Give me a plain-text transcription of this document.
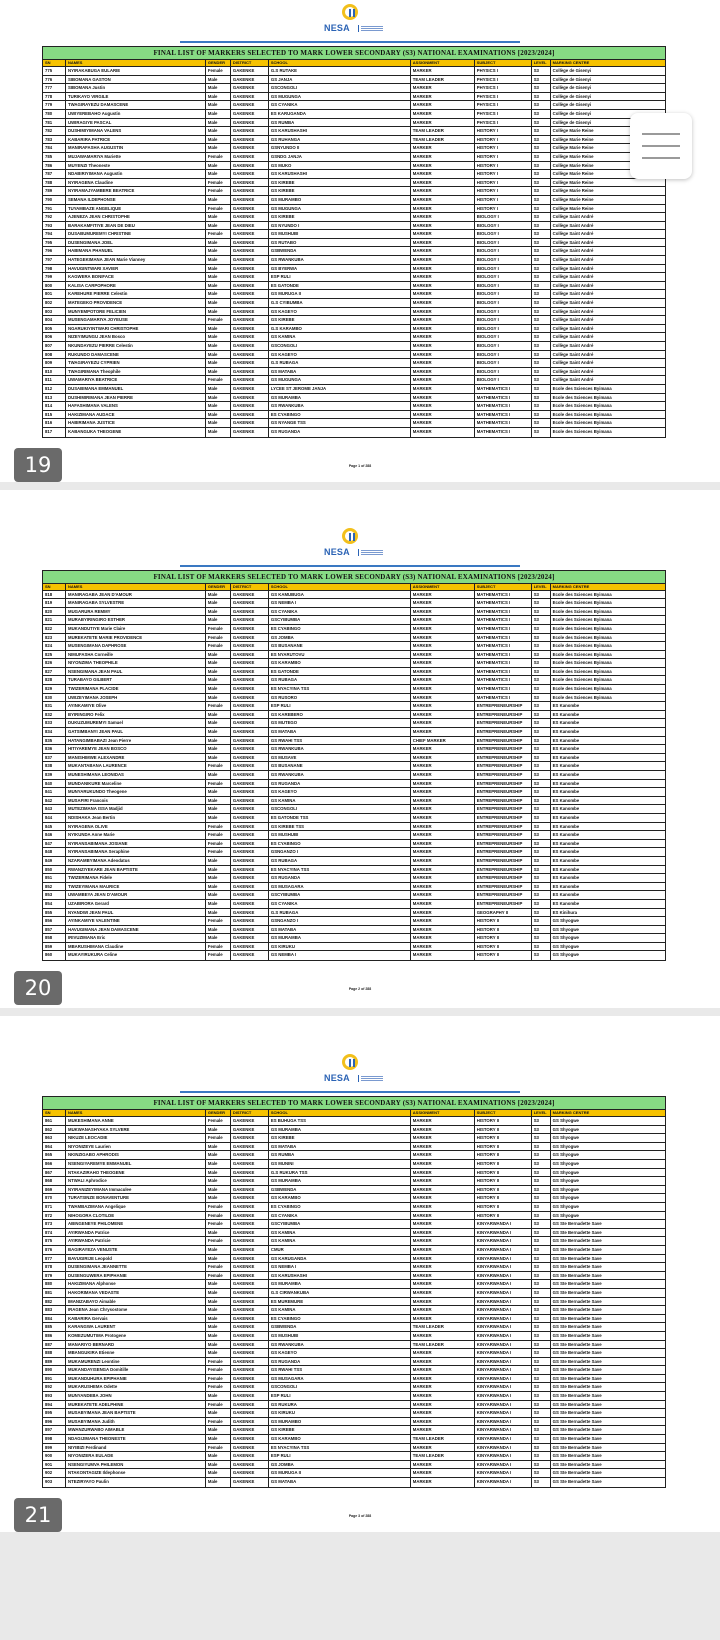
NESA
FINAL LIST OF MARKERS SELECTED TO MARK LOWER SECONDARY (S3) NATIONAL EXAMINATIONS [2023/2024]
SN	NAMES	GENDER	DISTRICT	SCHOOL	ASSIGNMENT	SUBJECT	LEVEL	MARKING CENTRE
775	NYIRAKABUGA EULARIE	Female	GAKENKE	G.S RUTAKE	MARKER	PHYSICS I	S3	Collège de Gisenyi
776	SIBOMANA GASTON	Male	GAKENKE	GS JANJA	TEAM LEADER	PHYSICS I	S3	Collège de Gisenyi
777	SIBOMANA Justin	Male	GAKENKE	GSCONGOLI	MARKER	PHYSICS I	S3	Collège de Gisenyi
778	TURIKAYO VIRGILE	Male	GAKENKE	GS MUGUNGA	MARKER	PHYSICS I	S3	Collège de Gisenyi
779	TWAGIRAYEZU DAMASCENE	Male	GAKENKE	GS CYANIKA	MARKER	PHYSICS I	S3	Collège de Gisenyi
780	UWIYEREBAHO Augustin	Male	GAKENKE	ES KARUGANDA	MARKER	PHYSICS I	S3	Collège de Gisenyi
781	UWIRAGIYE PASCAL	Male	GAKENKE	GS RUMBA	MARKER	PHYSICS I	S3	Collège de Gisenyi
782	DUSHIMIYIMANA VALENS	Male	GAKENKE	GS KARUSHASHI	TEAM LEADER	HISTORY I	S3	Collège Marie Reine
783	KABARIRA PATRICE	Male	GAKENKE	GS RUHANGA	TEAM LEADER	HISTORY I	S3	Collège Marie Reine
784	MANIRAFASHA AUGUSTIN	Male	GAKENKE	GSNYUNDO II	MARKER	HISTORY I	S3	Collège Marie Reine
785	MUJAWAMARIYA Mariette	Female	GAKENKE	GSNDG JANJA	MARKER	HISTORY I	S3	Collège Marie Reine
786	MUYENZI Theoneste	Male	GAKENKE	GS MUKO	MARKER	HISTORY I	S3	Collège Marie Reine
787	NDABIRIYIMANA Augustin	Male	GAKENKE	GS KARUSHASHI	MARKER	HISTORY I	S3	Collège Marie Reine
788	NYIRAGENA Claudine	Female	GAKENKE	GS KIREBE	MARKER	HISTORY I	S3	Collège Marie Reine
789	NYIRAMAJYAMBERE BEATRICE	Female	GAKENKE	GS KIREBE	MARKER	HISTORY I	S3	Collège Marie Reine
790	SEMANA ILDEPHONSE	Male	GAKENKE	GS MURAMBO	MARKER	HISTORY I	S3	Collège Marie Reine
791	TUYAMBAZE ANGELIQUE	Female	GAKENKE	GS MUGUNGA	MARKER	HISTORY I	S3	Collège Marie Reine
792	AJENEZA JEAN CHRISTOPHE	Male	GAKENKE	GS KIREBE	MARKER	BIOLOGY I	S3	Collège Saint André
793	BARAKAMFITIYE JEAN DE DIEU	Male	GAKENKE	GS NYUNDO I	MARKER	BIOLOGY I	S3	Collège Saint André
794	DUSABUMUREMYI CHRISTINE	Female	GAKENKE	GS MUSHUBI	MARKER	BIOLOGY I	S3	Collège Saint André
795	DUSENGIMANA JOEL	Male	GAKENKE	GS RUTABO	MARKER	BIOLOGY I	S3	Collège Saint André
796	HABIMANA PHANUEL	Male	GAKENKE	GSBWENDA	MARKER	BIOLOGY I	S3	Collège Saint André
797	HATEGEKIMANA JEAN Marie Vianney	Male	GAKENKE	GS RWANKUBA	MARKER	BIOLOGY I	S3	Collège Saint André
798	HAVUGINTWARI XAVIER	Male	GAKENKE	GS BYERWA	MARKER	BIOLOGY I	S3	Collège Saint André
799	KAGWERA BONIFACE	Male	GAKENKE	ESP RULI	MARKER	BIOLOGY I	S3	Collège Saint André
800	KALISA CARPOPHORE	Male	GAKENKE	ES GATONDE	MARKER	BIOLOGY I	S3	Collège Saint André
801	KAREHURE PIERRE Celestin	Male	GAKENKE	GS MURUGA II	MARKER	BIOLOGY I	S3	Collège Saint André
802	MATEGEKO PROVIDENCE	Male	GAKENKE	G.S CYIBUMBA	MARKER	BIOLOGY I	S3	Collège Saint André
803	MUNYEMPOTORE FELICIEN	Male	GAKENKE	GS KAGEYO	MARKER	BIOLOGY I	S3	Collège Saint André
804	MUSENGAMARIYA JOYEUSE	Female	GAKENKE	GS KIREBE	MARKER	BIOLOGY I	S3	Collège Saint André
805	NGARUKIYINTWARI CHRISTOPHE	Male	GAKENKE	G.S KARAMBO	MARKER	BIOLOGY I	S3	Collège Saint André
806	NIZEYIMUNGU JEAN Bosco	Male	GAKENKE	GS KAMINA	MARKER	BIOLOGY I	S3	Collège Saint André
807	NKUNDAYEZU PIERRE Celestin	Male	GAKENKE	GSCONGOLI	MARKER	BIOLOGY I	S3	Collège Saint André
808	RUKUNDO DAMASCENE	Male	GAKENKE	GS KAGEYO	MARKER	BIOLOGY I	S3	Collège Saint André
809	TWAGIRAYEZU CYPRIEN	Male	GAKENKE	G.S RUBAGA	MARKER	BIOLOGY I	S3	Collège Saint André
810	TWAGIRIMANA Theophile	Male	GAKENKE	GS MATABA	MARKER	BIOLOGY I	S3	Collège Saint André
811	UWAMARIYA BEATRICE	Female	GAKENKE	GS MUGUNGA	MARKER	BIOLOGY I	S3	Collège Saint André
812	DUSABIMANA EMMANUEL	Male	GAKENKE	LYCEE ST JEROME JANJA	MARKER	MATHEMATICS I	S3	Ecole des Sciences Byimana
813	DUSHIMIRIMANA JEAN PIERRE	Male	GAKENKE	GS MURAMBA	MARKER	MATHEMATICS I	S3	Ecole des Sciences Byimana
814	HAFASHIMANA VALENS	Male	GAKENKE	GS RWANKUBA	MARKER	MATHEMATICS I	S3	Ecole des Sciences Byimana
815	HAKIZIMANA AUDACE	Male	GAKENKE	ES CYABINGO	MARKER	MATHEMATICS I	S3	Ecole des Sciences Byimana
816	HABIRIMANA JUSTICE	Male	GAKENKE	GS NYANGE TSS	MARKER	MATHEMATICS I	S3	Ecole des Sciences Byimana
817	KABANGUKA THEOGENE	Male	GAKENKE	GS RUGANDA	MARKER	MATHEMATICS I	S3	Ecole des Sciences Byimana
19	Page 1 of 288
NESA
FINAL LIST OF MARKERS SELECTED TO MARK LOWER SECONDARY (S3) NATIONAL EXAMINATIONS [2023/2024]
SN	NAMES	GENDER	DISTRICT	SCHOOL	ASSIGNMENT	SUBJECT	LEVEL	MARKING CENTRE
818	MANIRAGABA JEAN D'AMOUR	Male	GAKENKE	GS KAMUBUGA	MARKER	MATHEMATICS I	S3	Ecole des Sciences Byimana
819	MANIRAGABA SYLVESTRE	Male	GAKENKE	GS NEMBA I	MARKER	MATHEMATICS I	S3	Ecole des Sciences Byimana
820	MUGARURA REMMY	Male	GAKENKE	GS CYANIKA	MARKER	MATHEMATICS I	S3	Ecole des Sciences Byimana
821	MURABYIRINGIRO ESTHER	Male	GAKENKE	GSCYIBUMBA	MARKER	MATHEMATICS I	S3	Ecole des Sciences Byimana
822	MUKANDUTIYE Marie Claire	Female	GAKENKE	ES CYABINGO	MARKER	MATHEMATICS I	S3	Ecole des Sciences Byimana
823	MUREKATETE MARIE PROVIDENCE	Female	GAKENKE	GS JOMBA	MARKER	MATHEMATICS I	S3	Ecole des Sciences Byimana
824	MUSENGIMANA DAPHROSE	Female	GAKENKE	GS BUSANANE	MARKER	MATHEMATICS I	S3	Ecole des Sciences Byimana
825	NIMUFASHA Corneille	Male	GAKENKE	ES NYARUTOVU	MARKER	MATHEMATICS I	S3	Ecole des Sciences Byimana
826	NIYONZIMA THEOPHILE	Male	GAKENKE	GS KARAMBO	MARKER	MATHEMATICS I	S3	Ecole des Sciences Byimana
827	NSENGIMANA JEAN PAUL	Male	GAKENKE	ES GATONDE	MARKER	MATHEMATICS I	S3	Ecole des Sciences Byimana
828	TURABAYO GILBERT	Male	GAKENKE	GS RUBAGA	MARKER	MATHEMATICS I	S3	Ecole des Sciences Byimana
829	TWIZERIMANA PLACIDE	Male	GAKENKE	ES NYACYINA TSS	MARKER	MATHEMATICS I	S3	Ecole des Sciences Byimana
830	UWIZEYIMANA JOSEPH	Male	GAKENKE	GS RUSORO	MARKER	MATHEMATICS I	S3	Ecole des Sciences Byimana
831	AYINKAMIYE Olive	Female	GAKENKE	ESP RULI	MARKER	ENTREPRENEURSHIP	S3	ES Kanombe
832	BYIRINGIRO Felix	Male	GAKENKE	GS KAREBERO	MARKER	ENTREPRENEURSHIP	S3	ES Kanombe
833	DUKUZUMUREMYI Samuel	Male	GAKENKE	GS MUTEGO	MARKER	ENTREPRENEURSHIP	S3	ES Kanombe
834	GATSIMBANYI JEAN PAUL	Male	GAKENKE	GS MATABA	MARKER	ENTREPRENEURSHIP	S3	ES Kanombe
835	HATANGIMBABAZI Jean Pierre	Male	GAKENKE	GS RWAHI TSS	CHIEF MARKER	ENTREPRENEURSHIP	S3	ES Kanombe
836	HITIYAREMYE JEAN BOSCO	Male	GAKENKE	GS RWANKUBA	MARKER	ENTREPRENEURSHIP	S3	ES Kanombe
837	MANISHIMWE ALEXANDRE	Male	GAKENKE	GS MUSAVE	MARKER	ENTREPRENEURSHIP	S3	ES Kanombe
838	MUKANTABANA LAURENCE	Female	GAKENKE	GS BUSANANE	MARKER	ENTREPRENEURSHIP	S3	ES Kanombe
839	MUNESHIMANA LEONIDAS	Male	GAKENKE	GS RWANKUBA	MARKER	ENTREPRENEURSHIP	S3	ES Kanombe
840	MUNDANIKURE Marceline	Female	GAKENKE	GS RUGANDA	MARKER	ENTREPRENEURSHIP	S3	ES Kanombe
841	MUNYARUKUNDO Theogene	Male	GAKENKE	GS KAGEYO	MARKER	ENTREPRENEURSHIP	S3	ES Kanombe
842	MUSAFIRI Francois	Male	GAKENKE	GS KAMINA	MARKER	ENTREPRENEURSHIP	S3	ES Kanombe
843	MUTEZIMANA ISSA Madjid	Male	GAKENKE	GSCONGOLI	MARKER	ENTREPRENEURSHIP	S3	ES Kanombe
844	NDISHAKA Jean Bertin	Male	GAKENKE	ES GATONDE TSS	MARKER	ENTREPRENEURSHIP	S3	ES Kanombe
845	NYIRAGENA OLIVE	Female	GAKENKE	GS KIREBE TSS	MARKER	ENTREPRENEURSHIP	S3	ES Kanombe
846	NYIKUNDA Anne Marie	Female	GAKENKE	GS MUSHUBI	MARKER	ENTREPRENEURSHIP	S3	ES Kanombe
847	NYIRANSABIMANA JOSIANE	Female	GAKENKE	ES CYABINGO	MARKER	ENTREPRENEURSHIP	S3	ES Kanombe
848	NYIRANSABIMANA Seraphine	Female	GAKENKE	GSNGANZO I	MARKER	ENTREPRENEURSHIP	S3	ES Kanombe
849	NZARAMBYIMANA Adeodatus	Male	GAKENKE	GS RUBAGA	MARKER	ENTREPRENEURSHIP	S3	ES Kanombe
850	RWANZIYEKARE JEAN BAPTISTE	Male	GAKENKE	ES NYACYINA TSS	MARKER	ENTREPRENEURSHIP	S3	ES Kanombe
851	TWIZERIMANA Fidele	Male	GAKENKE	GS RUGANDA	MARKER	ENTREPRENEURSHIP	S3	ES Kanombe
852	TWIZEYIMANA MAURICE	Male	GAKENKE	GS MUSAGARA	MARKER	ENTREPRENEURSHIP	S3	ES Kanombe
853	UWAMBEYA JEAN D'AMOUR	Male	GAKENKE	GSCYIBUMBA	MARKER	ENTREPRENEURSHIP	S3	ES Kanombe
854	UZABIRORA Gerard	Male	GAKENKE	GS CYANIKA	MARKER	ENTREPRENEURSHIP	S3	ES Kanombe
855	NYANDWI JEAN PAUL	Male	GAKENKE	G.S RUBAGA	MARKER	GEOGRAPHY II	S3	ES Kinihura
856	AYINKAMIYE VALENTINE	Female	GAKENKE	GSNGANZO I	MARKER	HISTORY II	S3	GS Shyogwe
857	HAVUGIMANA JEAN DAMASCENE	Male	GAKENKE	GS MATABA	MARKER	HISTORY II	S3	GS Shyogwe
858	IRIVUZIMANA Eric	Male	GAKENKE	GS MURAMBA	MARKER	HISTORY II	S3	GS Shyogwe
859	MBARUSHIMANA Claudine	Female	GAKENKE	GS KIRUKU	MARKER	HISTORY II	S3	GS Shyogwe
860	MUKAYIRUKURA Celine	Female	GAKENKE	GS NEMBA I	MARKER	HISTORY II	S3	GS Shyogwe
20	Page 2 of 288
NESA
FINAL LIST OF MARKERS SELECTED TO MARK LOWER SECONDARY (S3) NATIONAL EXAMINATIONS [2023/2024]
SN	NAMES	GENDER	DISTRICT	SCHOOL	ASSIGNMENT	SUBJECT	LEVEL	MARKING CENTRE
861	MUKESHIMANA ANNE	Female	GAKENKE	ES BUHUGA TSS	MARKER	HISTORY II	S3	GS Shyogwe
862	MUKWANASHYAKA SYLVERE	Male	GAKENKE	GS MURAMBA	MARKER	HISTORY II	S3	GS Shyogwe
863	NIKUZE LEOCADIE	Female	GAKENKE	GS KIREBE	MARKER	HISTORY II	S3	GS Shyogwe
864	NIYONIZEYE Laurien	Male	GAKENKE	GS MATABA	MARKER	HISTORY II	S3	GS Shyogwe
865	NKINZIGABO APHRODIS	Male	GAKENKE	GS RUMBA	MARKER	HISTORY II	S3	GS Shyogwe
866	NSENGIYAREMYE EMMANUEL	Male	GAKENKE	GS MUNINI	MARKER	HISTORY II	S3	GS Shyogwe
867	NTAKAZIRAHO THEOGENE	Male	GAKENKE	G.S RUKURA TSS	MARKER	HISTORY II	S3	GS Shyogwe
868	NTWALI Aphrodice	Male	GAKENKE	GS MURAMBA	MARKER	HISTORY II	S3	GS Shyogwe
869	NYIRANIZEYIMANA Immaculee	Male	GAKENKE	GSBWENDA	MARKER	HISTORY II	S3	GS Shyogwe
870	TURATSINZE BONAVENTURE	Male	GAKENKE	GS KARAMBO	MARKER	HISTORY II	S3	GS Shyogwe
871	TWAMBAZIMANA Angelique	Female	GAKENKE	ES CYABINGO	MARKER	HISTORY II	S3	GS Shyogwe
872	NIHOGORA CLOTILDE	Female	GAKENKE	GS CYANIKA	MARKER	HISTORY II	S3	GS Shyogwe
873	ABINGENEYE PHILOMENE	Female	GAKENKE	GSCYIBUMBA	MARKER	KINYARWANDA I	S3	GS Ste Bernadette Save
874	AYIRWANDA Patrice	Male	GAKENKE	GS KAMINA	MARKER	KINYARWANDA I	S3	GS Ste Bernadette Save
875	AYIRWANDA Patricie	Female	GAKENKE	GS KAMINA	MARKER	KINYARWANDA I	S3	GS Ste Bernadette Save
876	BAGIRAYEZA VENUSTE	Male	GAKENKE	CMUR	MARKER	KINYARWANDA I	S3	GS Ste Bernadette Save
877	BAVUGIRIJE Leopold	Male	GAKENKE	GS KARUGANDA	MARKER	KINYARWANDA I	S3	GS Ste Bernadette Save
878	DUSENGIMANA JEANNETTE	Female	GAKENKE	GS NEMBA I	MARKER	KINYARWANDA I	S3	GS Ste Bernadette Save
879	DUSENGUWERA EPIPHANIE	Female	GAKENKE	GS KARUSHASHI	MARKER	KINYARWANDA I	S3	GS Ste Bernadette Save
880	HAKIZIMANA Alphonse	Male	GAKENKE	GS MURAMBA	MARKER	KINYARWANDA I	S3	GS Ste Bernadette Save
881	HAKORIMANA VEDASTE	Male	GAKENKE	G.S CIRWANKUBA	MARKER	KINYARWANDA I	S3	GS Ste Bernadette Save
882	IMANIZABAYO Aimable	Male	GAKENKE	ES MUREMURE	MARKER	KINYARWANDA I	S3	GS Ste Bernadette Save
883	IRAGENA Jean Chrysostome	Male	GAKENKE	GS KAMINA	MARKER	KINYARWANDA I	S3	GS Ste Bernadette Save
884	KABARIRA Gervais	Male	GAKENKE	ES CYABINGO	MARKER	KINYARWANDA I	S3	GS Ste Bernadette Save
885	KARANGWA LAURENT	Male	GAKENKE	GSBWENDA	TEAM LEADER	KINYARWANDA I	S3	GS Ste Bernadette Save
886	KOMEZUMUTIMA Protogene	Male	GAKENKE	GS MUSHUBI	MARKER	KINYARWANDA I	S3	GS Ste Bernadette Save
887	MANARIYO BERNARD	Male	GAKENKE	GS RWANKUBA	TEAM LEADER	KINYARWANDA I	S3	GS Ste Bernadette Save
888	MBANGUKIRA Etienne	Male	GAKENKE	GS KAGEYO	MARKER	KINYARWANDA I	S3	GS Ste Bernadette Save
889	MUKAMURENZI Leontine	Female	GAKENKE	GS RUGANDA	MARKER	KINYARWANDA I	S3	GS Ste Bernadette Save
890	MUKANDAYISENGA Domitille	Female	GAKENKE	GS RWAHI TSS	MARKER	KINYARWANDA I	S3	GS Ste Bernadette Save
891	MUKANDUHURA EPIPHANIE	Female	GAKENKE	GS MUSAGARA	MARKER	KINYARWANDA I	S3	GS Ste Bernadette Save
892	MUKARUSHEMA Odette	Female	GAKENKE	GSCONGOLI	MARKER	KINYARWANDA I	S3	GS Ste Bernadette Save
893	MUNYANDEBA JOHN	Male	GAKENKE	ESP RULI	MARKER	KINYARWANDA I	S3	GS Ste Bernadette Save
894	MUREKATETE ADELPHINE	Female	GAKENKE	GS RUKURA	MARKER	KINYARWANDA I	S3	GS Ste Bernadette Save
895	MUSABYIMANA JEAN BAPTISTE	Male	GAKENKE	GS KIRUKU	MARKER	KINYARWANDA I	S3	GS Ste Bernadette Save
896	MUSABYIMANA Judith	Female	GAKENKE	GS MURAMBO	MARKER	KINYARWANDA I	S3	GS Ste Bernadette Save
897	MWANZURWABO AIMABLE	Male	GAKENKE	GS KIREBE	MARKER	KINYARWANDA I	S3	GS Ste Bernadette Save
898	NDAGIJIMANA THEONESTE	Male	GAKENKE	GS KARAMBO	TEAM LEADER	KINYARWANDA I	S3	GS Ste Bernadette Save
899	NIYIBIZI Ferdinand	Female	GAKENKE	ES NYACYINA TSS	MARKER	KINYARWANDA I	S3	GS Ste Bernadette Save
900	NIYONIZERA EULADE	Male	GAKENKE	ESP RULI	TEAM LEADER	KINYARWANDA I	S3	GS Ste Bernadette Save
901	NSENGIYUMVA PHILEMON	Male	GAKENKE	GS JOMBA	MARKER	KINYARWANDA I	S3	GS Ste Bernadette Save
902	NTAKONTAGIZE Ildephonse	Male	GAKENKE	GS MURUGA II	MARKER	KINYARWANDA I	S3	GS Ste Bernadette Save
903	NTEZIRYAYO Paulin	Male	GAKENKE	GS MATABA	MARKER	KINYARWANDA I	S3	GS Ste Bernadette Save
21	Page 3 of 288
